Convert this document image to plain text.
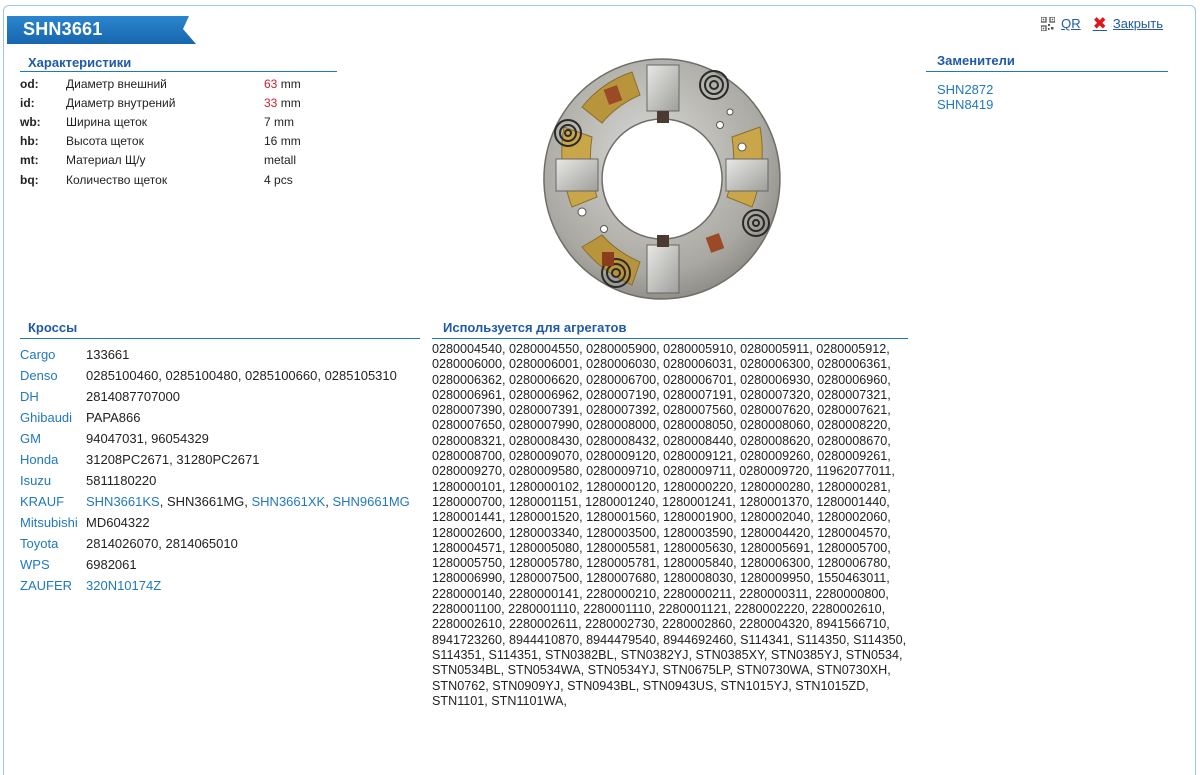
SHN3661	QR ✖ Закрыть
Характеристики
od:	Диаметр внешний	63 mm
id:	Диаметр внутрений	33 mm
wb:	Ширина щеток	7 mm
hb:	Высота щеток	16 mm
mt:	Материал Щ/у	metall
bq:	Количество щеток	4 pcs
Заменители
SHN2872
SHN8419
Кроссы
Cargo	133661
Denso	0285100460, 0285100480, 0285100660, 0285105310
DH	2814087707000
Ghibaudi	PAPA866
GM	94047031, 96054329
Honda	31208PC2671, 31280PC2671
Isuzu	5811180220
KRAUF	SHN3661KS, SHN3661MG, SHN3661XK, SHN9661MG
Mitsubishi	MD604322
Toyota	2814026070, 2814065010
WPS	6982061
ZAUFER	320N10174Z
Используется для агрегатов
0280004540, 0280004550, 0280005900, 0280005910, 0280005911, 0280005912, 0280006000, 0280006001, 0280006030, 0280006031, 0280006300, 0280006361, 0280006362, 0280006620, 0280006700, 0280006701, 0280006930, 0280006960, 0280006961, 0280006962, 0280007190, 0280007191, 0280007320, 0280007321, 0280007390, 0280007391, 0280007392, 0280007560, 0280007620, 0280007621, 0280007650, 0280007990, 0280008000, 0280008050, 0280008060, 0280008220, 0280008321, 0280008430, 0280008432, 0280008440, 0280008620, 0280008670, 0280008700, 0280009070, 0280009120, 0280009121, 0280009260, 0280009261, 0280009270, 0280009580, 0280009710, 0280009711, 0280009720, 11962077011, 1280000101, 1280000102, 1280000120, 1280000220, 1280000280, 1280000281, 1280000700, 1280001151, 1280001240, 1280001241, 1280001370, 1280001440, 1280001441, 1280001520, 1280001560, 1280001900, 1280002040, 1280002060, 1280002600, 1280003340, 1280003500, 1280003590, 1280004420, 1280004570, 1280004571, 1280005080, 1280005581, 1280005630, 1280005691, 1280005700, 1280005750, 1280005780, 1280005781, 1280005840, 1280006300, 1280006780, 1280006990, 1280007500, 1280007680, 1280008030, 1280009950, 1550463011, 2280000140, 2280000141, 2280000210, 2280000211, 2280000311, 2280000800, 2280001100, 2280001110, 2280001110, 2280001121, 2280002220, 2280002610, 2280002610, 2280002611, 2280002730, 2280002860, 2280004320, 8941566710, 8941723260, 8944410870, 8944479540, 8944692460, S114341, S114350, S114350, S114351, S114351, STN0382BL, STN0382YJ, STN0385XY, STN0385YJ, STN0534, STN0534BL, STN0534WA, STN0534YJ, STN0675LP, STN0730WA, STN0730XH, STN0762, STN0909YJ, STN0943BL, STN0943US, STN1015YJ, STN1015ZD, STN1101, STN1101WA,
